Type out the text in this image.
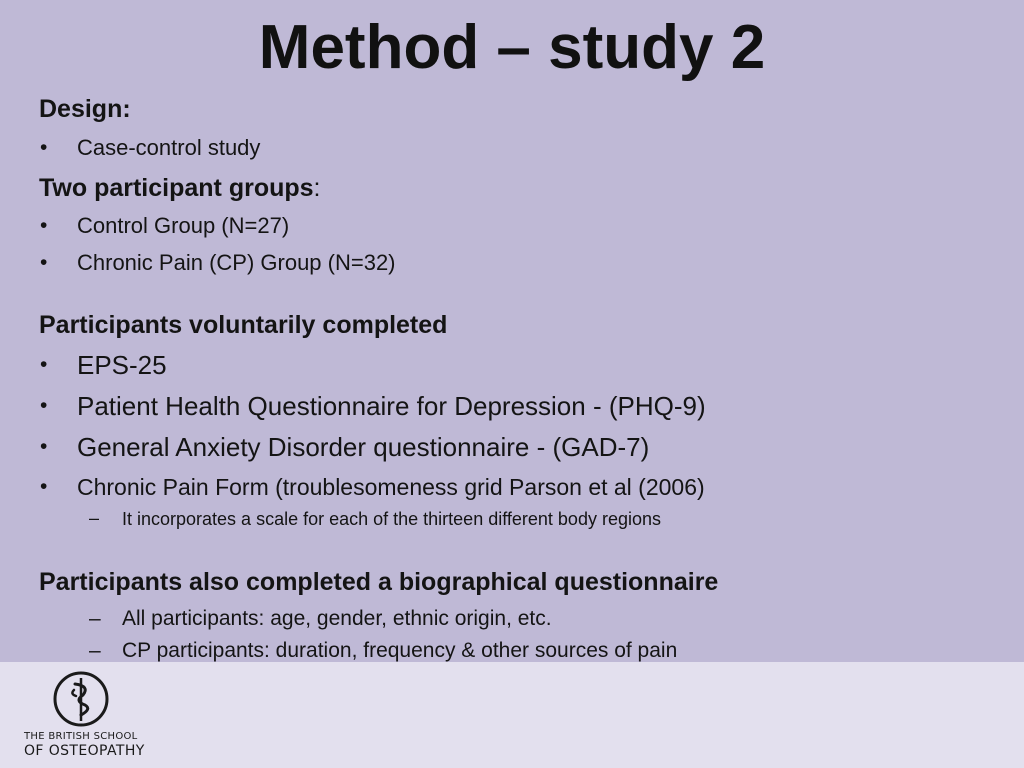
Method – study 2
Design:
• Case-control study
Two participant groups:
• Control Group (N=27)
• Chronic Pain (CP) Group (N=32)
Participants voluntarily completed
• EPS-25
• Patient Health Questionnaire for Depression - (PHQ-9)
• General Anxiety Disorder questionnaire - (GAD-7)
• Chronic Pain Form (troublesomeness grid Parson et al (2006)
– It incorporates a scale for each of the thirteen different body regions
Participants also completed a biographical questionnaire
– All participants: age, gender, ethnic origin, etc.
– CP participants: duration, frequency & other sources of pain
THE BRITISH SCHOOL
OF OSTEOPATHY
